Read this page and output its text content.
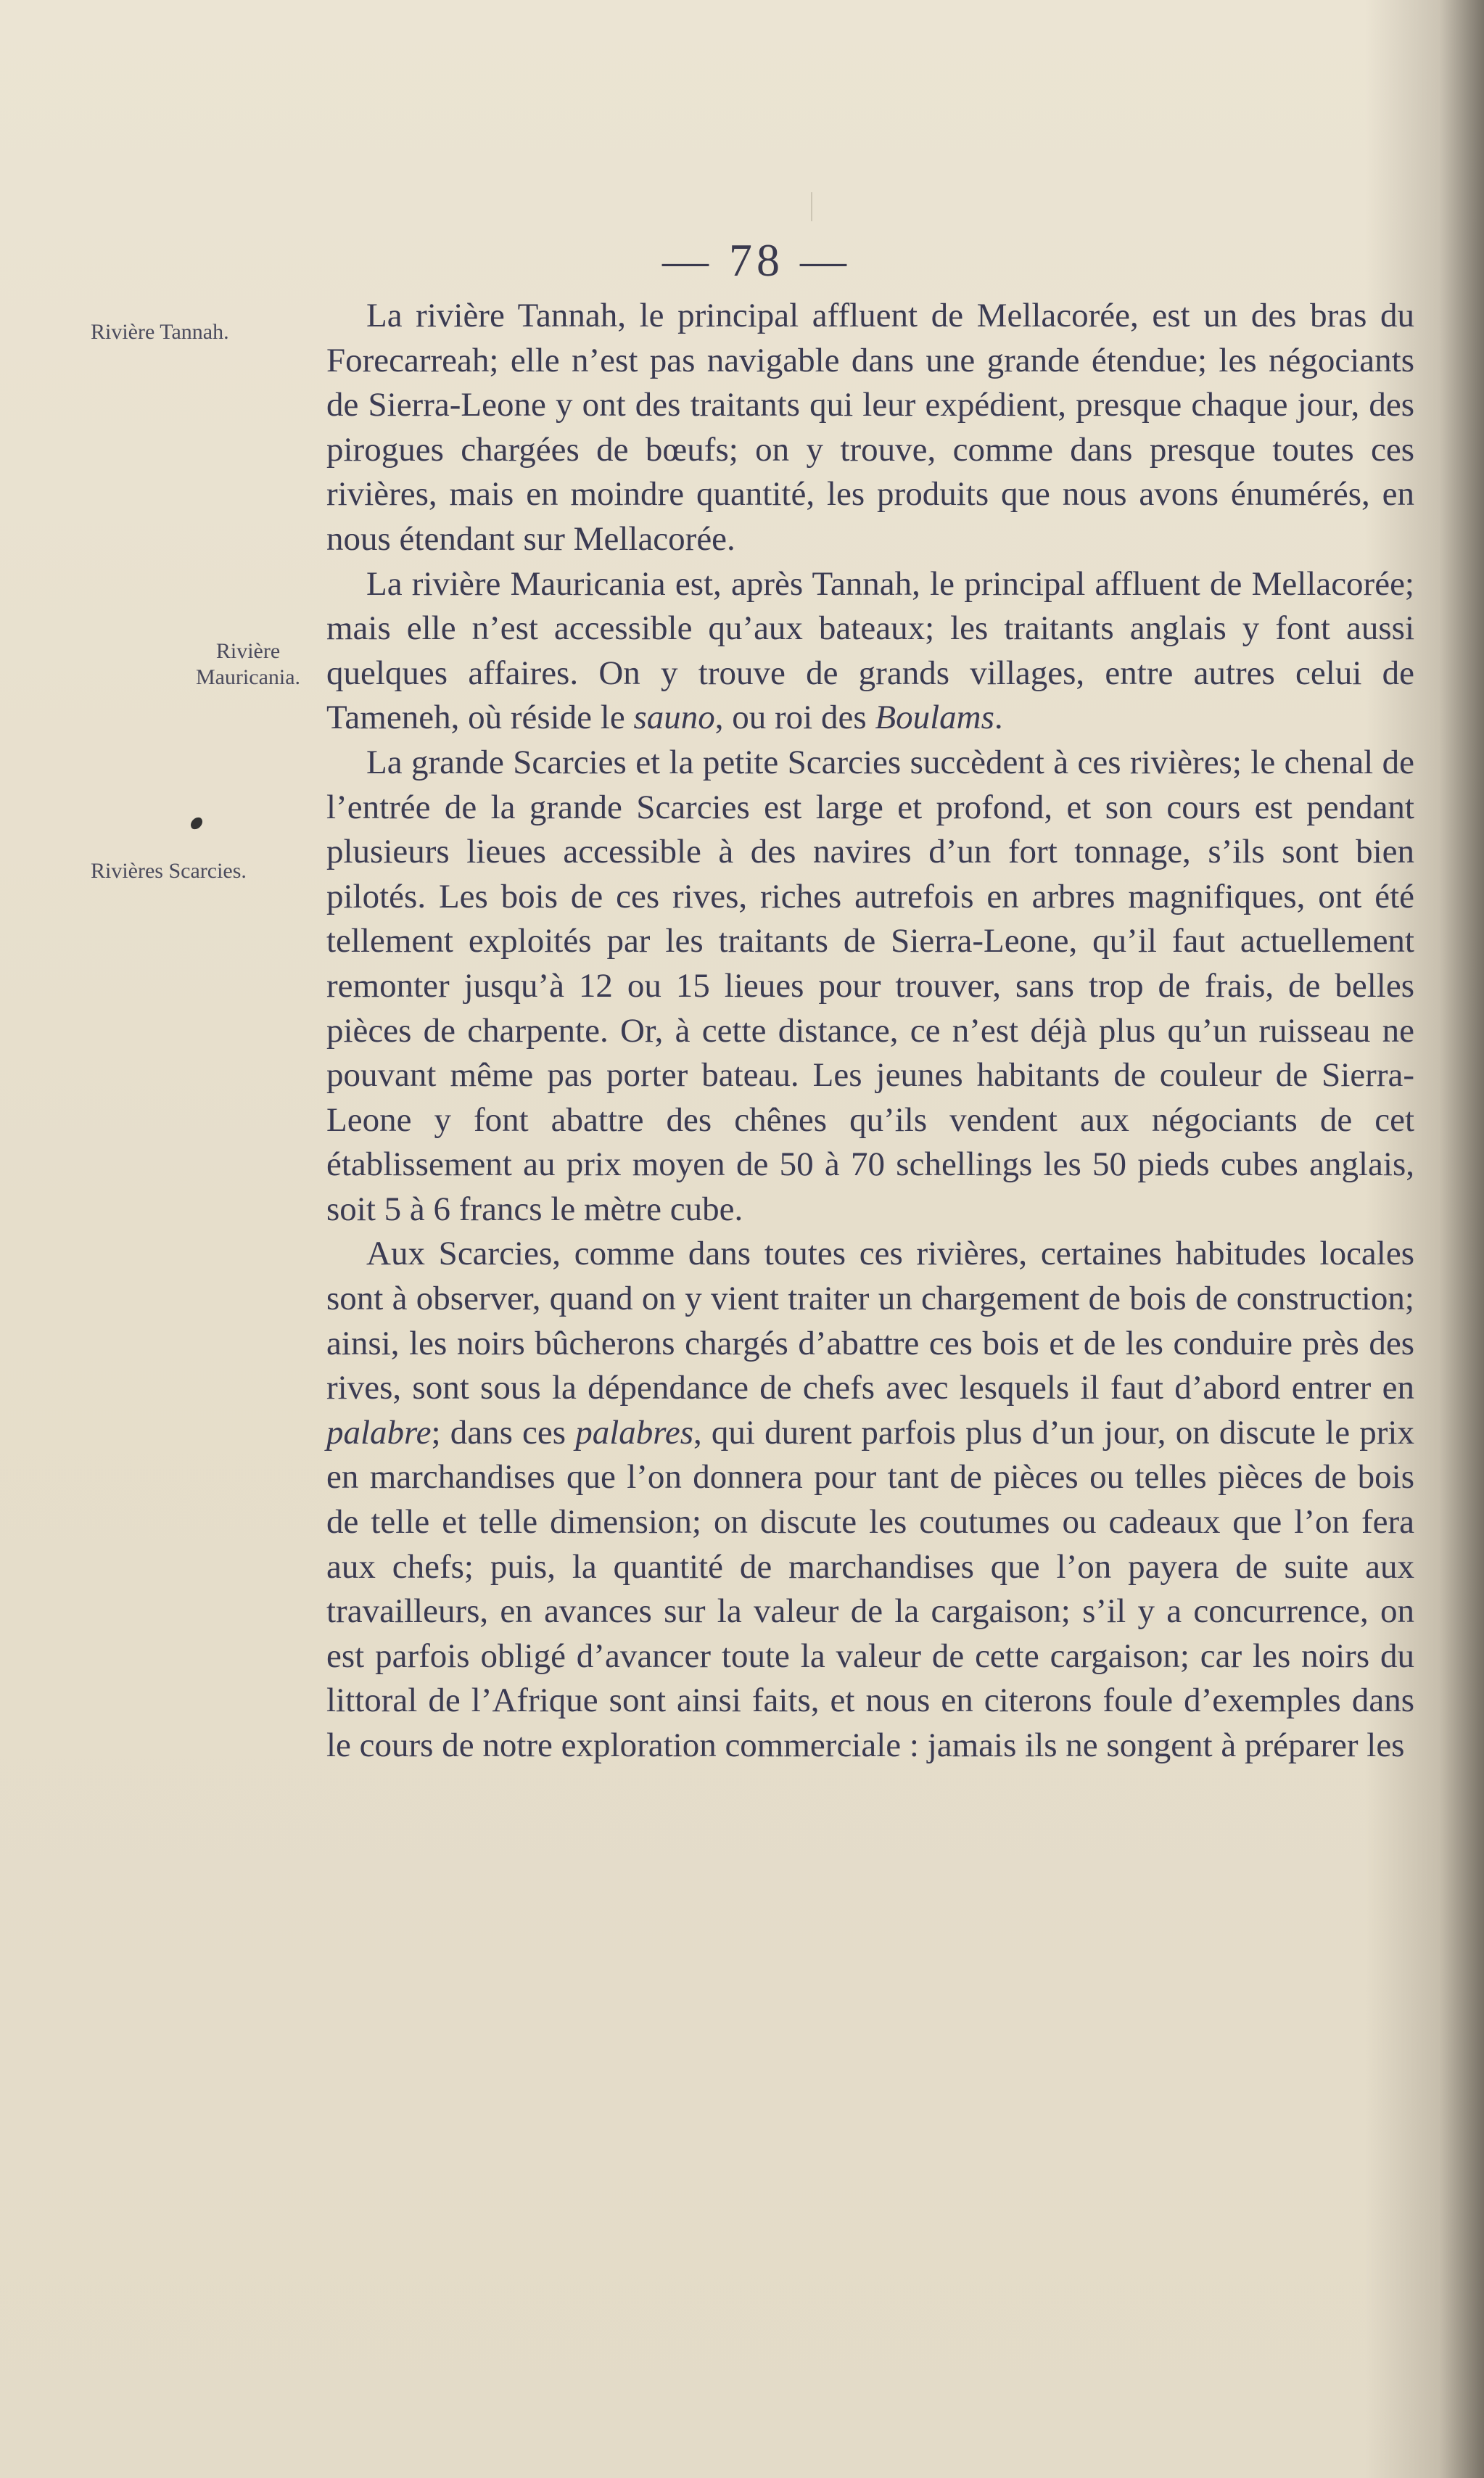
— 78 —
Rivière Tannah.
Rivière
Mauricania.
Rivières Scarcies.

La rivière Tannah, le principal affluent de Mellacorée, est un des bras du Forecarreah; elle n’est pas navigable dans une grande étendue; les négociants de Sierra-Leone y ont des traitants qui leur expédient, presque chaque jour, des pirogues chargées de bœufs; on y trouve, comme dans presque toutes ces rivières, mais en moindre quantité, les produits que nous avons énumérés, en nous étendant sur Mellacorée.

La rivière Mauricania est, après Tannah, le principal affluent de Mellacorée; mais elle n’est accessible qu’aux bateaux; les traitants anglais y font aussi quelques affaires. On y trouve de grands villages, entre autres celui de Tameneh, où réside le sauno, ou roi des Boulams.

La grande Scarcies et la petite Scarcies succèdent à ces rivières; le chenal de l’entrée de la grande Scarcies est large et profond, et son cours est pendant plusieurs lieues accessible à des navires d’un fort tonnage, s’ils sont bien pilotés. Les bois de ces rives, riches autrefois en arbres magnifiques, ont été tellement exploités par les traitants de Sierra-Leone, qu’il faut actuellement remonter jusqu’à 12 ou 15 lieues pour trouver, sans trop de frais, de belles pièces de charpente. Or, à cette distance, ce n’est déjà plus qu’un ruisseau ne pouvant même pas porter bateau. Les jeunes habitants de couleur de Sierra-Leone y font abattre des chênes qu’ils vendent aux négociants de cet établissement au prix moyen de 50 à 70 schellings les 50 pieds cubes anglais, soit 5 à 6 francs le mètre cube.

Aux Scarcies, comme dans toutes ces rivières, certaines habitudes locales sont à observer, quand on y vient traiter un chargement de bois de construction; ainsi, les noirs bûcherons chargés d’abattre ces bois et de les conduire près des rives, sont sous la dépendance de chefs avec lesquels il faut d’abord entrer en palabre; dans ces palabres, qui durent parfois plus d’un jour, on discute le prix en marchandises que l’on donnera pour tant de pièces ou telles pièces de bois de telle et telle dimension; on discute les coutumes ou cadeaux que l’on fera aux chefs; puis, la quantité de marchandises que l’on payera de suite aux travailleurs, en avances sur la valeur de la cargaison; s’il y a concurrence, on est parfois obligé d’avancer toute la valeur de cette cargaison; car les noirs du littoral de l’Afrique sont ainsi faits, et nous en citerons foule d’exemples dans le cours de notre exploration commerciale : jamais ils ne songent à préparer les
